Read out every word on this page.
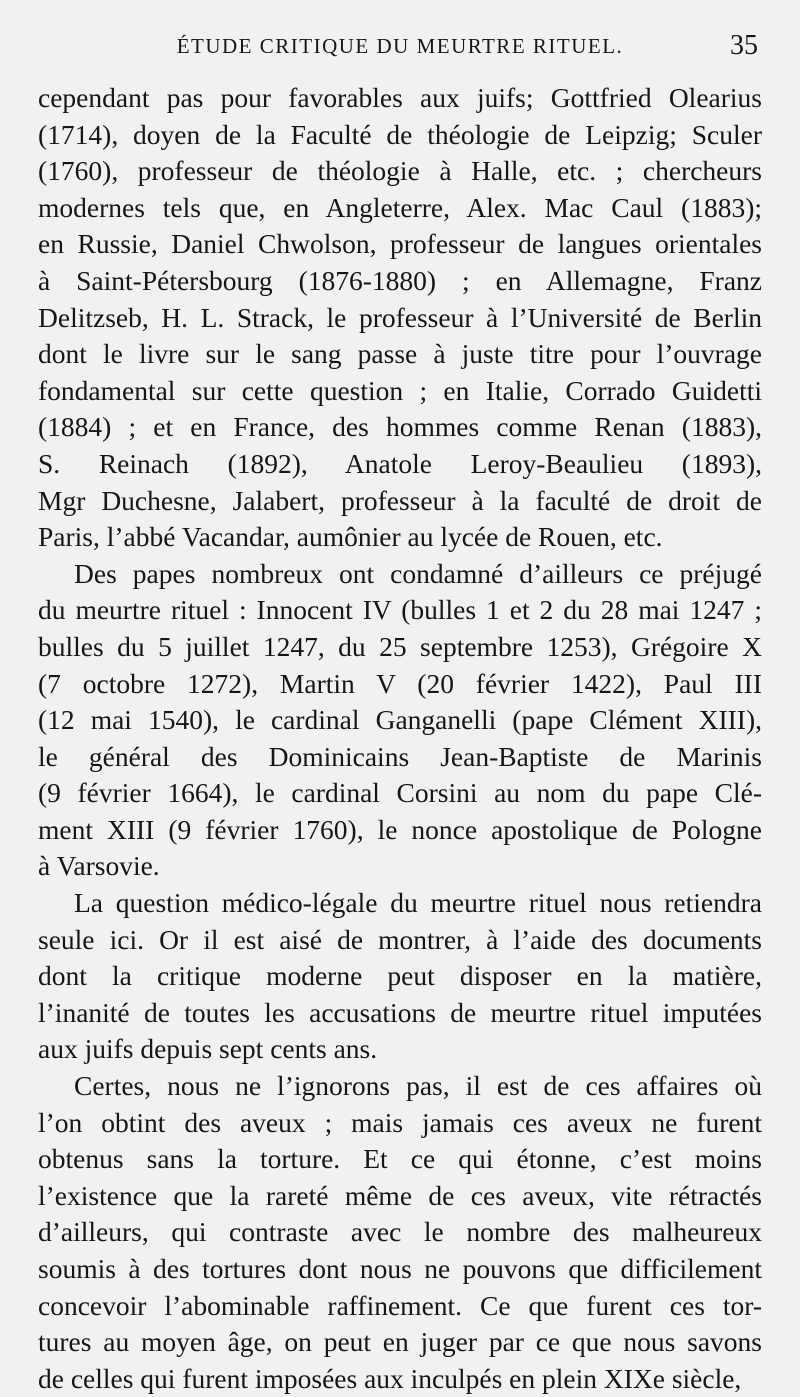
ÉTUDE CRITIQUE DU MEURTRE RITUEL.	35
cependant pas pour favorables aux juifs; Gottfried Olearius
(1714), doyen de la Faculté de théologie de Leipzig; Sculer
(1760), professeur de théologie à Halle, etc. ; chercheurs
modernes tels que, en Angleterre, Alex. Mac Caul (1883);
en Russie, Daniel Chwolson, professeur de langues orientales
à Saint-Pétersbourg (1876-1880) ; en Allemagne, Franz
Delitzseb, H. L. Strack, le professeur à l’Université de Berlin
dont le livre sur le sang passe à juste titre pour l’ouvrage
fondamental sur cette question ; en Italie, Corrado Guidetti
(1884) ; et en France, des hommes comme Renan (1883),
S. Reinach (1892), Anatole Leroy-Beaulieu (1893),
Mgr Duchesne, Jalabert, professeur à la faculté de droit de
Paris, l’abbé Vacandar, aumônier au lycée de Rouen, etc.
Des papes nombreux ont condamné d’ailleurs ce préjugé
du meurtre rituel : Innocent IV (bulles 1 et 2 du 28 mai 1247 ;
bulles du 5 juillet 1247, du 25 septembre 1253), Grégoire X
(7 octobre 1272), Martin V (20 février 1422), Paul III
(12 mai 1540), le cardinal Ganganelli (pape Clément XIII),
le général des Dominicains Jean-Baptiste de Marinis
(9 février 1664), le cardinal Corsini au nom du pape Clé-
ment XIII (9 février 1760), le nonce apostolique de Pologne
à Varsovie.
La question médico-légale du meurtre rituel nous retiendra
seule ici. Or il est aisé de montrer, à l’aide des documents
dont la critique moderne peut disposer en la matière,
l’inanité de toutes les accusations de meurtre rituel imputées
aux juifs depuis sept cents ans.
Certes, nous ne l’ignorons pas, il est de ces affaires où
l’on obtint des aveux ; mais jamais ces aveux ne furent
obtenus sans la torture. Et ce qui étonne, c’est moins
l’existence que la rareté même de ces aveux, vite rétractés
d’ailleurs, qui contraste avec le nombre des malheureux
soumis à des tortures dont nous ne pouvons que difficilement
concevoir l’abominable raffinement. Ce que furent ces tor-
tures au moyen âge, on peut en juger par ce que nous savons
de celles qui furent imposées aux inculpés en plein XIXe siècle,
